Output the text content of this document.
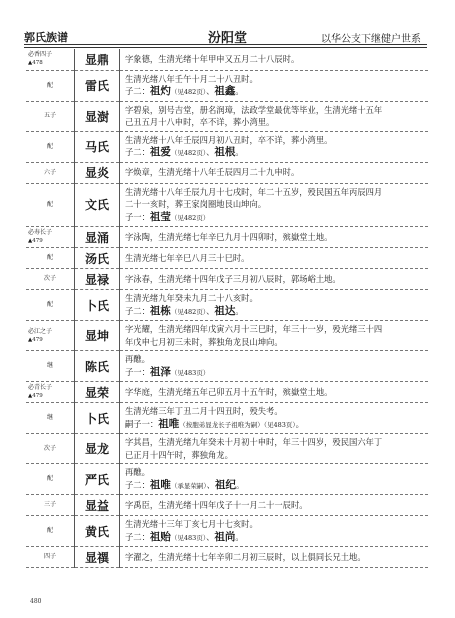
郭氏族谱	汾阳堂	以华公支下继健户世系
必香四子
▲478	显鼎	字象德，生清光绪十年甲申又五月二十八辰时。

配	雷氏	生清光绪八年壬午十月二十八丑时。
子二：祖灼（见482页）、祖鑫。

五子	显澍	字碧泉，别号吉堂，册名润璋，法政学堂最优等毕业，生清光绪十五年
己丑五月十八申时，卒不详，葬小湾里。

配	马氏	生清光绪十八年壬辰四月初八丑时，卒不详，葬小湾里。
子二：祖爱（见482页）、祖根。

六子	显炎	字焕章，生清光绪十八年壬辰四月二十九申时。

配	文氏	生清光绪十八年壬辰九月十七戌时，年二十五岁，殁民国五年丙辰四月
二十一亥时，葬王家岗圈地艮山坤向。
子一：祖莹（见482页）

必寿长子
▲479	显涌	字泳陶，生清光绪七年辛巳九月十四卯时，殡嶽堂土地。

配	汤氏	生清光绪七年辛巳八月三十巳时。

次子	显禄	字泳春，生清光绪十四年戊子三月初八辰时，郭场峪土地。

配	卜氏	生清光绪九年癸未九月二十八亥时。
子二：祖栋（见482页）、祖达。

必江之子
▲479	显坤	字光耀，生清光绪四年戊寅六月十三巳时，年三十一岁，殁光绪三十四
年戊申七月初三未时，葬独角龙艮山坤向。

继	陈氏	再醮。
子一：祖泽（见483页）

必青长子
▲479	显荣	字华庭，生清光绪五年己卯五月十五午时，殡嶽堂土地。

继	卜氏	生清光绪三年丁丑二月十四丑时，殁失考。
嗣子一：祖唯（按胞弟显龙长子祖唯为嗣）（见483页）。

次子	显龙	字其昌，生清光绪九年癸未十月初十申时，年三十四岁，殁民国六年丁
已正月十四午时，葬独角龙。

配	严氏	再醮。
子二：祖唯（承显荣嗣）、祖纪。

三子	显益	字禹臣，生清光绪十四年戊子十一月二十一辰时。

配	黄氏	生清光绪十三年丁亥七月十七亥时。
子二：祖贻（见483页）、祖尚。

四子	显禩	字濯之，生清光绪十七年辛卯二月初三辰时，以上俱同长兄土地。
480
